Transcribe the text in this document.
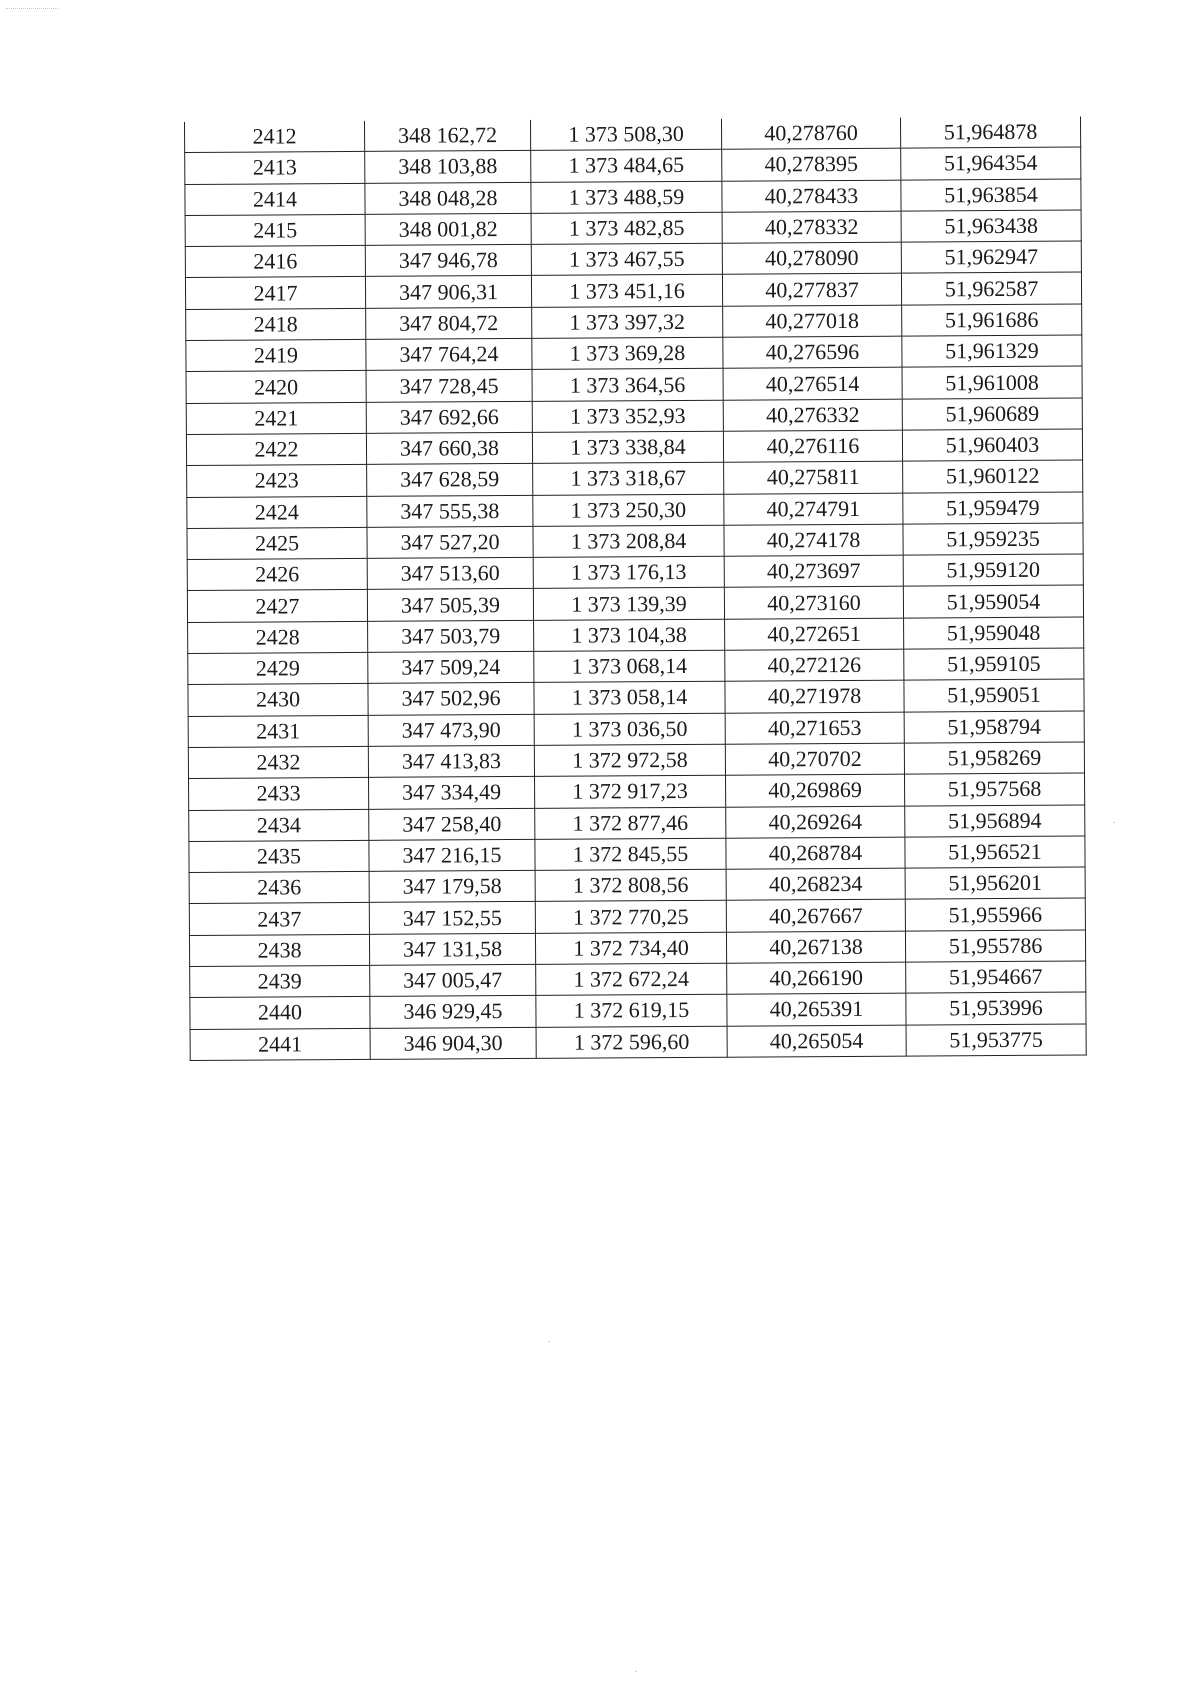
2412	348 162,72	1 373 508,30	40,278760	51,964878
2413	348 103,88	1 373 484,65	40,278395	51,964354
2414	348 048,28	1 373 488,59	40,278433	51,963854
2415	348 001,82	1 373 482,85	40,278332	51,963438
2416	347 946,78	1 373 467,55	40,278090	51,962947
2417	347 906,31	1 373 451,16	40,277837	51,962587
2418	347 804,72	1 373 397,32	40,277018	51,961686
2419	347 764,24	1 373 369,28	40,276596	51,961329
2420	347 728,45	1 373 364,56	40,276514	51,961008
2421	347 692,66	1 373 352,93	40,276332	51,960689
2422	347 660,38	1 373 338,84	40,276116	51,960403
2423	347 628,59	1 373 318,67	40,275811	51,960122
2424	347 555,38	1 373 250,30	40,274791	51,959479
2425	347 527,20	1 373 208,84	40,274178	51,959235
2426	347 513,60	1 373 176,13	40,273697	51,959120
2427	347 505,39	1 373 139,39	40,273160	51,959054
2428	347 503,79	1 373 104,38	40,272651	51,959048
2429	347 509,24	1 373 068,14	40,272126	51,959105
2430	347 502,96	1 373 058,14	40,271978	51,959051
2431	347 473,90	1 373 036,50	40,271653	51,958794
2432	347 413,83	1 372 972,58	40,270702	51,958269
2433	347 334,49	1 372 917,23	40,269869	51,957568
2434	347 258,40	1 372 877,46	40,269264	51,956894
2435	347 216,15	1 372 845,55	40,268784	51,956521
2436	347 179,58	1 372 808,56	40,268234	51,956201
2437	347 152,55	1 372 770,25	40,267667	51,955966
2438	347 131,58	1 372 734,40	40,267138	51,955786
2439	347 005,47	1 372 672,24	40,266190	51,954667
2440	346 929,45	1 372 619,15	40,265391	51,953996
2441	346 904,30	1 372 596,60	40,265054	51,953775
